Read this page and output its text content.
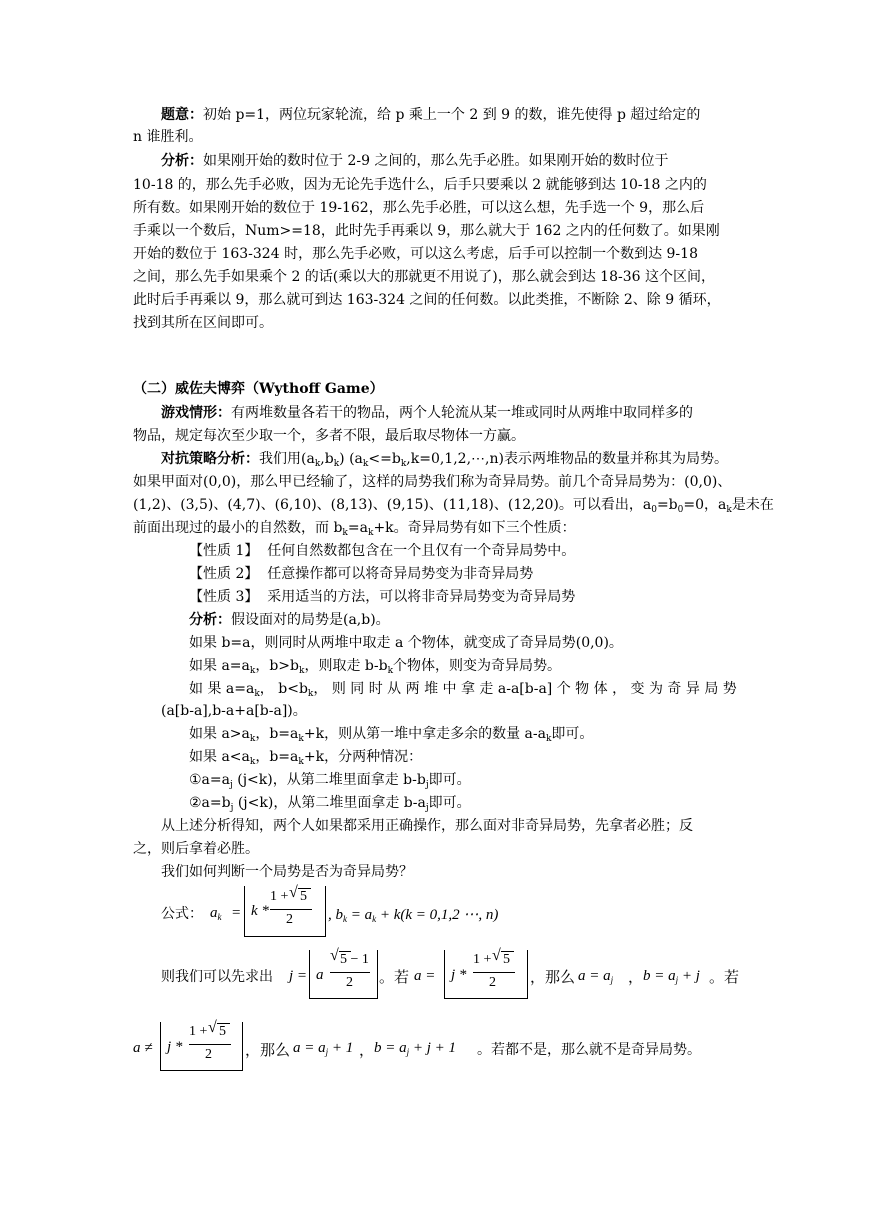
题意：初始 p=1，两位玩家轮流，给 p 乘上一个 2 到 9 的数，谁先使得 p 超过给定的
n 谁胜利。
分析：如果刚开始的数时位于 2-9 之间的，那么先手必胜。如果刚开始的数时位于
10-18 的，那么先手必败，因为无论先手选什么，后手只要乘以 2 就能够到达 10-18 之内的
所有数。如果刚开始的数位于 19-162，那么先手必胜，可以这么想，先手选一个 9，那么后
手乘以一个数后，Num>=18，此时先手再乘以 9，那么就大于 162 之内的任何数了。如果刚
开始的数位于 163-324 时，那么先手必败，可以这么考虑，后手可以控制一个数到达 9-18
之间，那么先手如果乘个 2 的话(乘以大的那就更不用说了)，那么就会到达 18-36 这个区间，
此时后手再乘以 9，那么就可到达 163-324 之间的任何数。以此类推，不断除 2、除 9 循环，
找到其所在区间即可。
（二）威佐夫博弈（Wythoff Game）
游戏情形：有两堆数量各若干的物品，两个人轮流从某一堆或同时从两堆中取同样多的
物品，规定每次至少取一个，多者不限，最后取尽物体一方赢。
对抗策略分析：我们用$(a_k,b_k)$ $(a_k<=b_k,k=0,1,2,\cdots,n)$表示两堆物品的数量并称其为局势。
如果甲面对(0,0)，那么甲已经输了，这样的局势我们称为奇异局势。前几个奇异局势为：(0,0)、
(1,2)、(3,5)、(4,7)、(6,10)、(8,13)、(9,15)、(11,18)、(12,20)。可以看出，$a_0=b_0=0$，$a_k$是未在
前面出现过的最小的自然数，而 $b_k=a_k+k$。奇异局势有如下三个性质：
【性质 1】 任何自然数都包含在一个且仅有一个奇异局势中。
【性质 2】 任意操作都可以将奇异局势变为非奇异局势
【性质 3】 采用适当的方法，可以将非奇异局势变为奇异局势
分析：假设面对的局势是(a,b)。
如果 b=a，则同时从两堆中取走 a 个物体，就变成了奇异局势(0,0)。
如果 $a=a_k$，$b>b_k$，则取走 $b-b_k$个物体，则变为奇异局势。
如 果 $a=a_k$， $b<b_k$， 则 同 时 从 两 堆 中 拿 走 a-a[b-a] 个 物 体 ， 变 为 奇 异 局 势
(a[b-a],b-a+a[b-a])。
如果 $a>a_k$，$b=a_k+k$，则从第一堆中拿走多余的数量 $a-a_k$即可。
如果 $a<a_k$，$b=a_k+k$，分两种情况：
$①a=a_j$ (j<k)，从第二堆里面拿走 $b-b_j$即可。
$②a=b_j$ (j<k)，从第二堆里面拿走 $b-a_j$即可。
从上述分析得知，两个人如果都采用正确操作，那么面对非奇异局势，先拿者必胜；反
之，则后拿着必胜。
我们如何判断一个局势是否为奇异局势？
公式： $a_k = k$ *
1 + √ 5
2 , $b_k = a_k + k(k = 0,1,2$ ⋯, n)
则我们可以先求出	j = a
√ 5 − 1
2 。若 a = j *
1 + √ 5
2 ，那么 $a = a_j$ ， $b = a_j + j$ 。若
a ≠ j *
1 + √ 5
2 ，那么 $a = a_j + 1$ ， $b = a_j + j + 1$ 。若都不是，那么就不是奇异局势。
